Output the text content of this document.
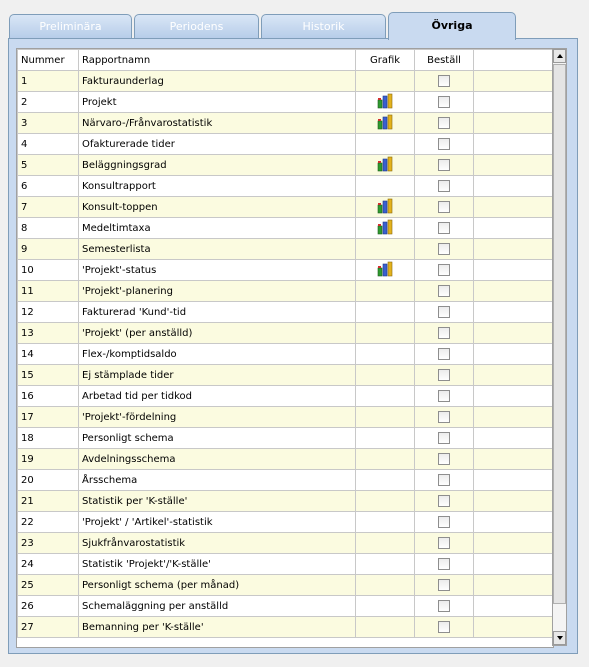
Preliminära	Periodens	Historik	Övriga
Nummer	Rapportnamn	Grafik	Beställ	
1	Fakturaunderlag			
2	Projekt			
3	Närvaro-/Frånvarostatistik			
4	Ofakturerade tider			
5	Beläggningsgrad			
6	Konsultrapport			
7	Konsult-toppen			
8	Medeltimtaxa			
9	Semesterlista			
10	'Projekt'-status			
11	'Projekt'-planering			
12	Fakturerad 'Kund'-tid			
13	'Projekt' (per anställd)			
14	Flex-/komptidsaldo			
15	Ej stämplade tider			
16	Arbetad tid per tidkod			
17	'Projekt'-fördelning			
18	Personligt schema			
19	Avdelningsschema			
20	Årsschema			
21	Statistik per 'K-ställe'			
22	'Projekt' / 'Artikel'-statistik			
23	Sjukfrånvarostatistik			
24	Statistik 'Projekt'/'K-ställe'			
25	Personligt schema (per månad)			
26	Schemaläggning per anställd			
27	Bemanning per 'K-ställe'			
